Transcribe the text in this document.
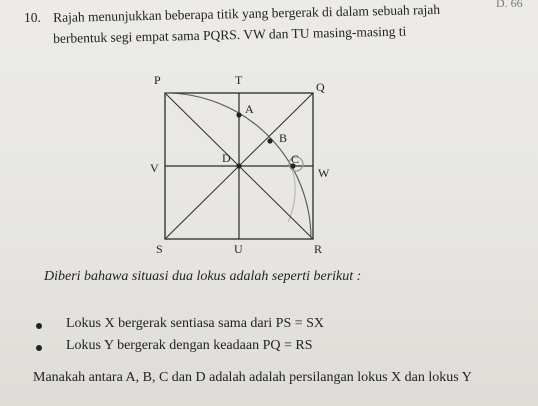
D. 66
10. Rajah menunjukkan beberapa titik yang bergerak di dalam sebuah rajah
berbentuk segi empat sama PQRS. VW dan TU masing-masing ti
P	T	Q
V	W
S	U	R
A
B
C
D
Diberi bahawa situasi dua lokus adalah seperti berikut :
Lokus X bergerak sentiasa sama dari PS = SX
Lokus Y bergerak dengan keadaan PQ = RS
Manakah antara A, B, C dan D adalah adalah persilangan lokus X dan lokus Y
